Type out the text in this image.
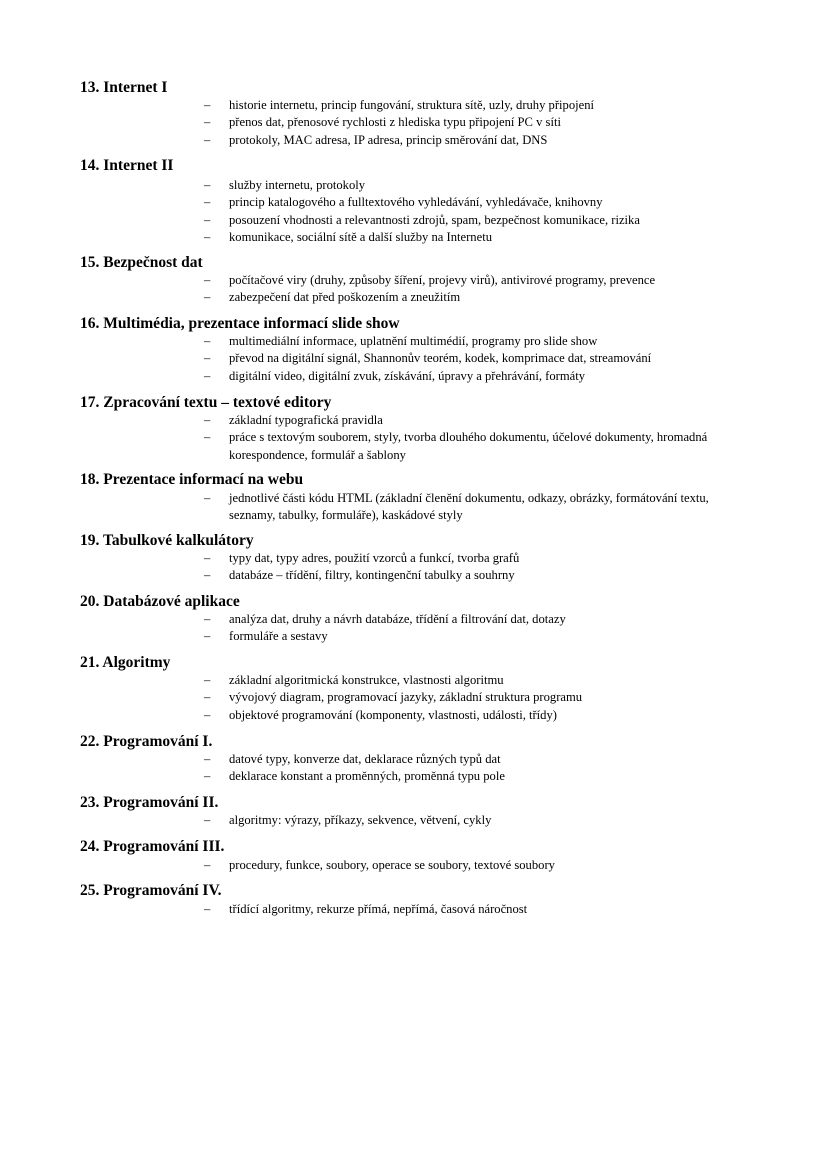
13. Internet I
– historie internetu, princip fungování, struktura sítě, uzly, druhy připojení
– přenos dat, přenosové rychlosti z hlediska typu připojení PC v síti
– protokoly, MAC adresa, IP adresa, princip směrování dat, DNS
14. Internet II
– služby internetu, protokoly
– princip katalogového a fulltextového vyhledávání, vyhledávače, knihovny
– posouzení vhodnosti a relevantnosti zdrojů, spam, bezpečnost komunikace, rizika
– komunikace, sociální sítě a další služby na Internetu
15. Bezpečnost dat
– počítačové viry (druhy, způsoby šíření, projevy virů), antivirové programy, prevence
– zabezpečení dat před poškozením a zneužitím
16. Multimédia, prezentace informací slide show
– multimediální informace, uplatnění multimédií, programy pro slide show
– převod na digitální signál, Shannonův teorém, kodek, komprimace dat, streamování
– digitální video, digitální zvuk, získávání, úpravy a přehrávání, formáty
17. Zpracování textu – textové editory
– základní typografická pravidla
– práce s textovým souborem, styly, tvorba dlouhého dokumentu, účelové dokumenty, hromadná korespondence, formulář a šablony
18. Prezentace informací na webu
– jednotlivé části kódu HTML (základní členění dokumentu, odkazy, obrázky, formátování textu, seznamy, tabulky, formuláře), kaskádové styly
19. Tabulkové kalkulátory
– typy dat, typy adres, použití vzorců a funkcí, tvorba grafů
– databáze – třídění, filtry, kontingenční tabulky a souhrny
20. Databázové aplikace
– analýza dat, druhy a návrh databáze, třídění a filtrování dat, dotazy
– formuláře a sestavy
21. Algoritmy
– základní algoritmická konstrukce, vlastnosti algoritmu
– vývojový diagram, programovací jazyky, základní struktura programu
– objektové programování (komponenty, vlastnosti, události, třídy)
22. Programování I.
– datové typy, konverze dat, deklarace různých typů dat
– deklarace konstant a proměnných, proměnná typu pole
23. Programování II.
– algoritmy: výrazy, příkazy, sekvence, větvení, cykly
24. Programování III.
– procedury, funkce, soubory, operace se soubory, textové soubory
25. Programování IV.
– třídící algoritmy, rekurze přímá, nepřímá, časová náročnost
